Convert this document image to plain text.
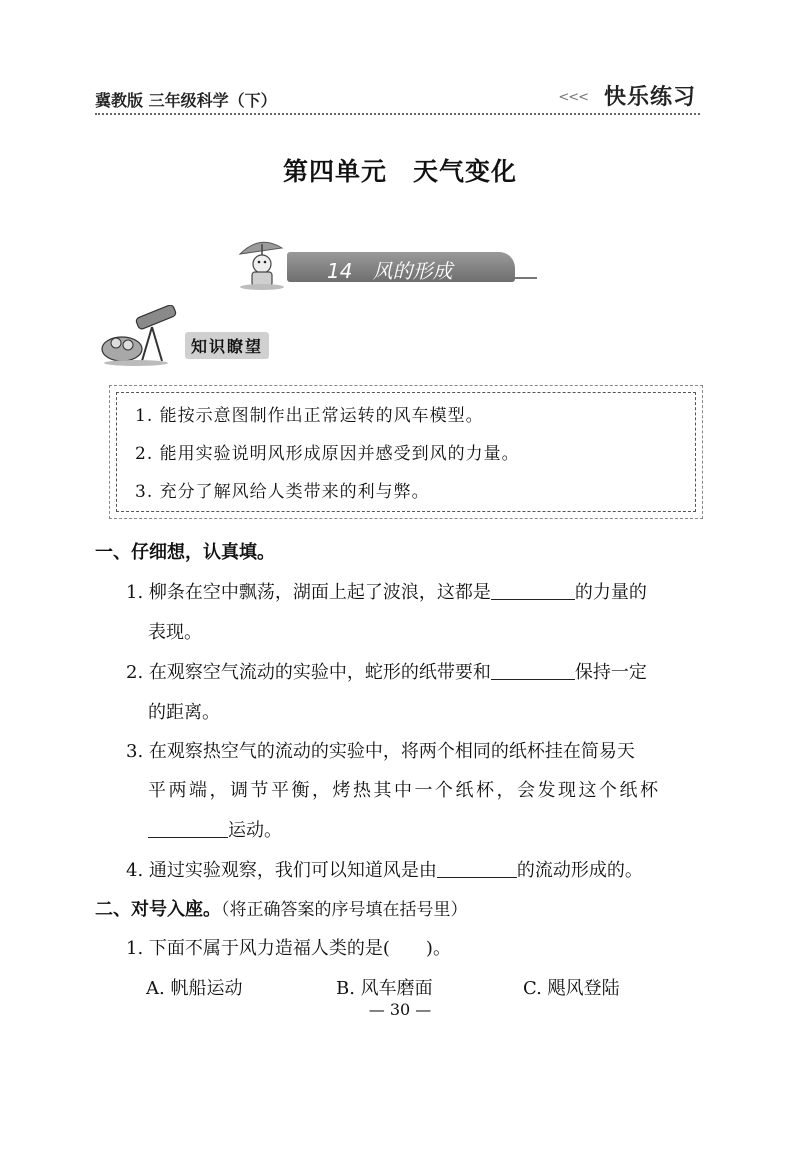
冀教版 三年级科学（下）	<<< 快乐练习
第四单元　天气变化
14　 风的形成
知识瞭望
1. 能按示意图制作出正常运转的风车模型。
2. 能用实验说明风形成原因并感受到风的力量。
3. 充分了解风给人类带来的利与弊。
一、仔细想，认真填。
1. 柳条在空中飘荡，湖面上起了波浪，这都是	的力量的
表现。
2. 在观察空气流动的实验中，蛇形的纸带要和	保持一定
的距离。
3. 在观察热空气的流动的实验中，将两个相同的纸杯挂在简易天
平两端，调节平衡，烤热其中一个纸杯，会发现这个纸杯
运动。
4. 通过实验观察，我们可以知道风是由	的流动形成的。
二、对号入座。（将正确答案的序号填在括号里）
1. 下面不属于风力造福人类的是(　　)。
A. 帆船运动	B. 风车磨面	C. 飓风登陆
— 30 —
